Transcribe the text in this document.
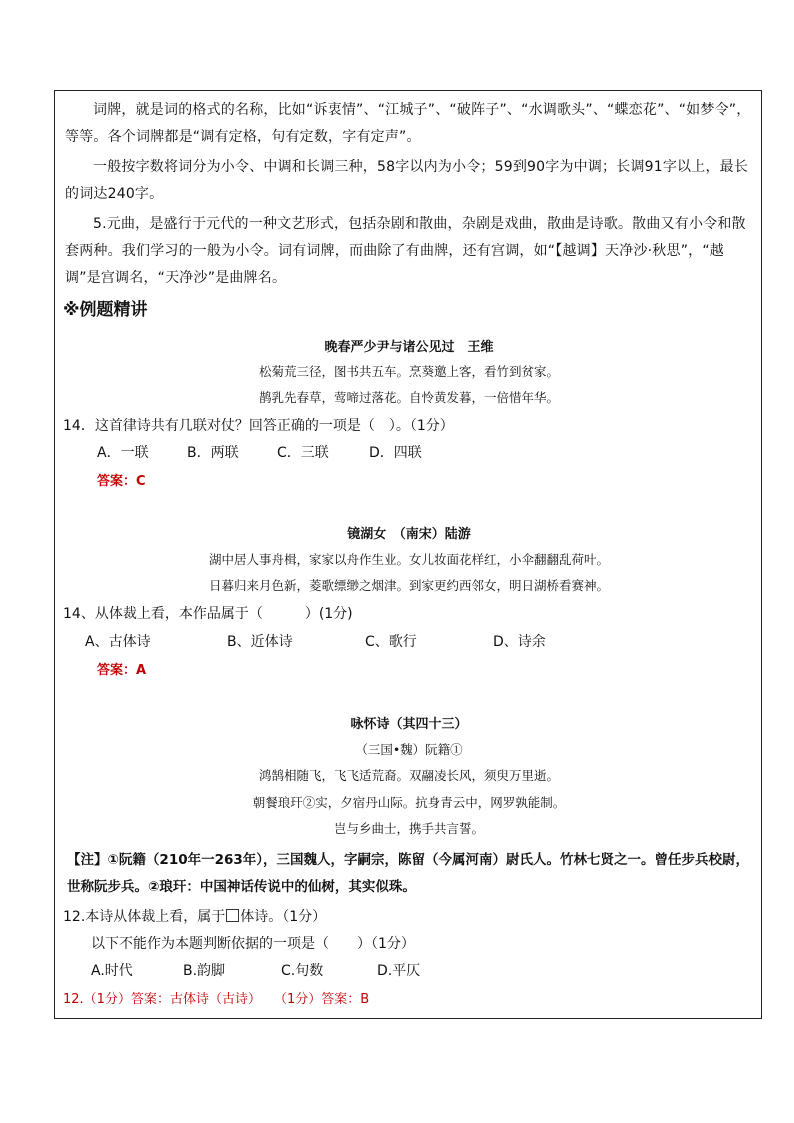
词牌，就是词的格式的名称，比如“诉衷情”、“江城子”、“破阵子”、“水调歌头”、“蝶恋花”、“如梦令”，等等。各个词牌都是“调有定格，句有定数，字有定声”。
一般按字数将词分为小令、中调和长调三种，58字以内为小令；59到90字为中调；长调91字以上，最长的词达240字。
5.元曲，是盛行于元代的一种文艺形式，包括杂剧和散曲，杂剧是戏曲，散曲是诗歌。散曲又有小令和散套两种。我们学习的一般为小令。词有词牌，而曲除了有曲牌，还有宫调，如“【越调】天净沙·秋思”，“越调”是宫调名，“天净沙”是曲牌名。
※例题精讲
晚春严少尹与诸公见过　王维
松菊荒三径，图书共五车。烹葵邀上客，看竹到贫家。
鹊乳先春草，莺啼过落花。自怜黄发暮，一倍惜年华。
14．这首律诗共有几联对仗？回答正确的一项是（　）。（1分）
A．一联	B．两联	C．三联	D．四联
答案：C
镜湖女　（南宋）陆游
湖中居人事舟楫，家家以舟作生业。女儿妆面花样红，小伞翻翻乱荷叶。
日暮归来月色新，菱歌缥缈之烟津。到家更约西邻女，明日湖桥看赛神。
14、从体裁上看，本作品属于（　　　）(1分)
A、古体诗	B、近体诗	C、歌行	D、诗余
答案：A
咏怀诗（其四十三）
（三国•魏）阮籍①
鸿鹄相随飞，飞飞适荒裔。双翮凌长风，须臾万里逝。
朝餐琅玕②实，夕宿丹山际。抗身青云中，网罗孰能制。
岂与乡曲士，携手共言誓。
【注】①阮籍（210年一263年），三国魏人，字嗣宗，陈留（今属河南）尉氏人。竹林七贤之一。曾任步兵校尉，世称阮步兵。②琅玕：中国神话传说中的仙树，其实似珠。
12.本诗从体裁上看，属于 体诗。（1分）
以下不能作为本题判断依据的一项是（　　）（1分）
A.时代	B.韵脚	C.句数	D.平仄
12.（1分）答案：古体诗（古诗）　　（1分）答案：B
